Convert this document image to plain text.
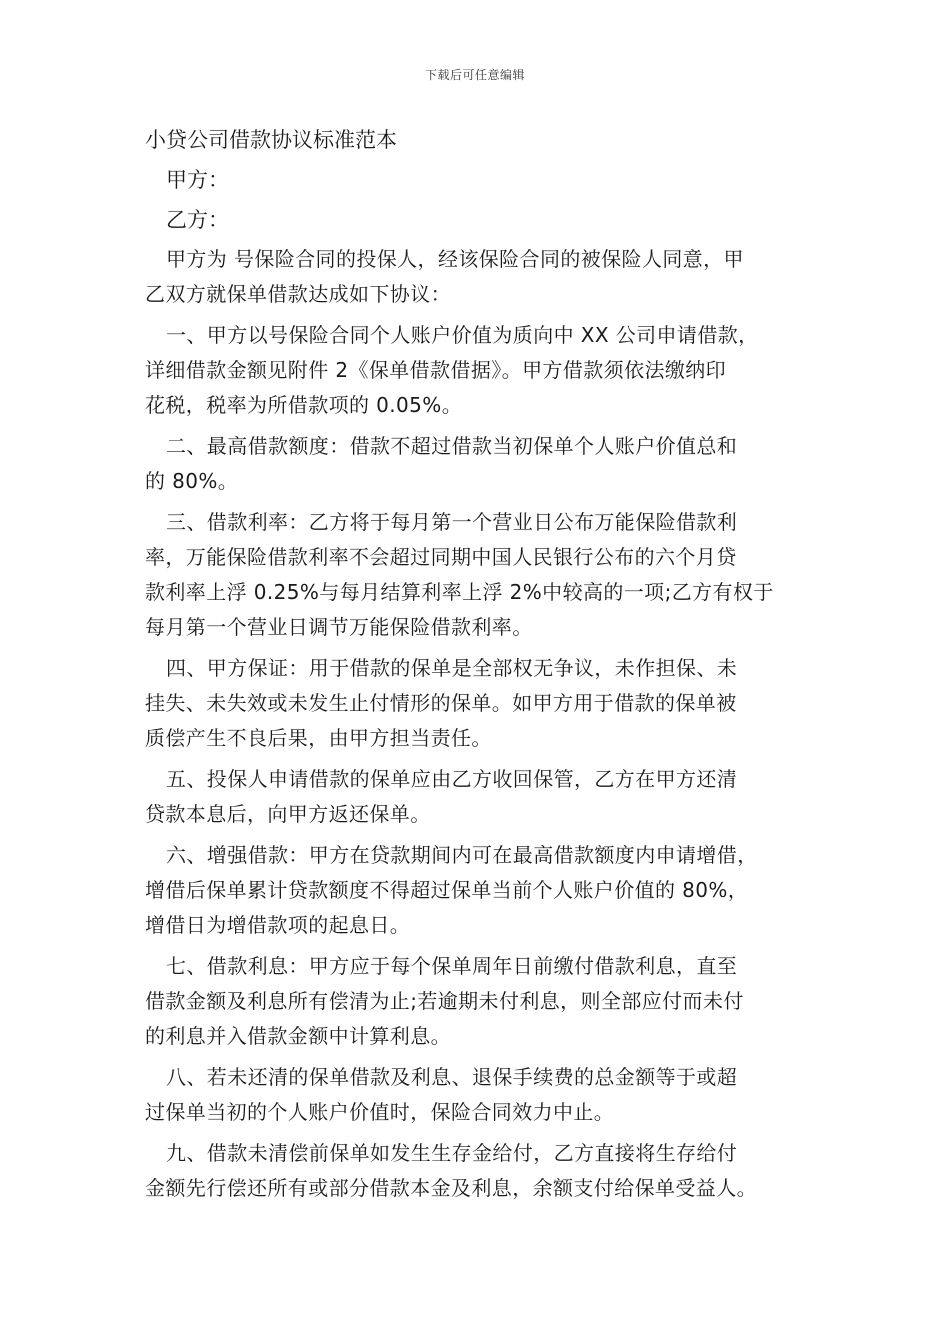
下载后可任意编辑
小贷公司借款协议标准范本
甲方：
乙方：
甲方为 号保险合同的投保人，经该保险合同的被保险人同意，甲
乙双方就保单借款达成如下协议：
一、甲方以号保险合同个人账户价值为质向中 XX 公司申请借款，
详细借款金额见附件 2《保单借款借据》。甲方借款须依法缴纳印
花税，税率为所借款项的 0.05%。
二、最高借款额度：借款不超过借款当初保单个人账户价值总和
的 80%。
三、借款利率：乙方将于每月第一个营业日公布万能保险借款利
率，万能保险借款利率不会超过同期中国人民银行公布的六个月贷
款利率上浮 0.25%与每月结算利率上浮 2%中较高的一项;乙方有权于
每月第一个营业日调节万能保险借款利率。
四、甲方保证：用于借款的保单是全部权无争议，未作担保、未
挂失、未失效或未发生止付情形的保单。如甲方用于借款的保单被
质偿产生不良后果，由甲方担当责任。
五、投保人申请借款的保单应由乙方收回保管，乙方在甲方还清
贷款本息后，向甲方返还保单。
六、增强借款：甲方在贷款期间内可在最高借款额度内申请增借，
增借后保单累计贷款额度不得超过保单当前个人账户价值的 80%，
增借日为增借款项的起息日。
七、借款利息：甲方应于每个保单周年日前缴付借款利息，直至
借款金额及利息所有偿清为止;若逾期未付利息，则全部应付而未付
的利息并入借款金额中计算利息。
八、若未还清的保单借款及利息、退保手续费的总金额等于或超
过保单当初的个人账户价值时，保险合同效力中止。
九、借款未清偿前保单如发生生存金给付，乙方直接将生存给付
金额先行偿还所有或部分借款本金及利息，余额支付给保单受益人。
